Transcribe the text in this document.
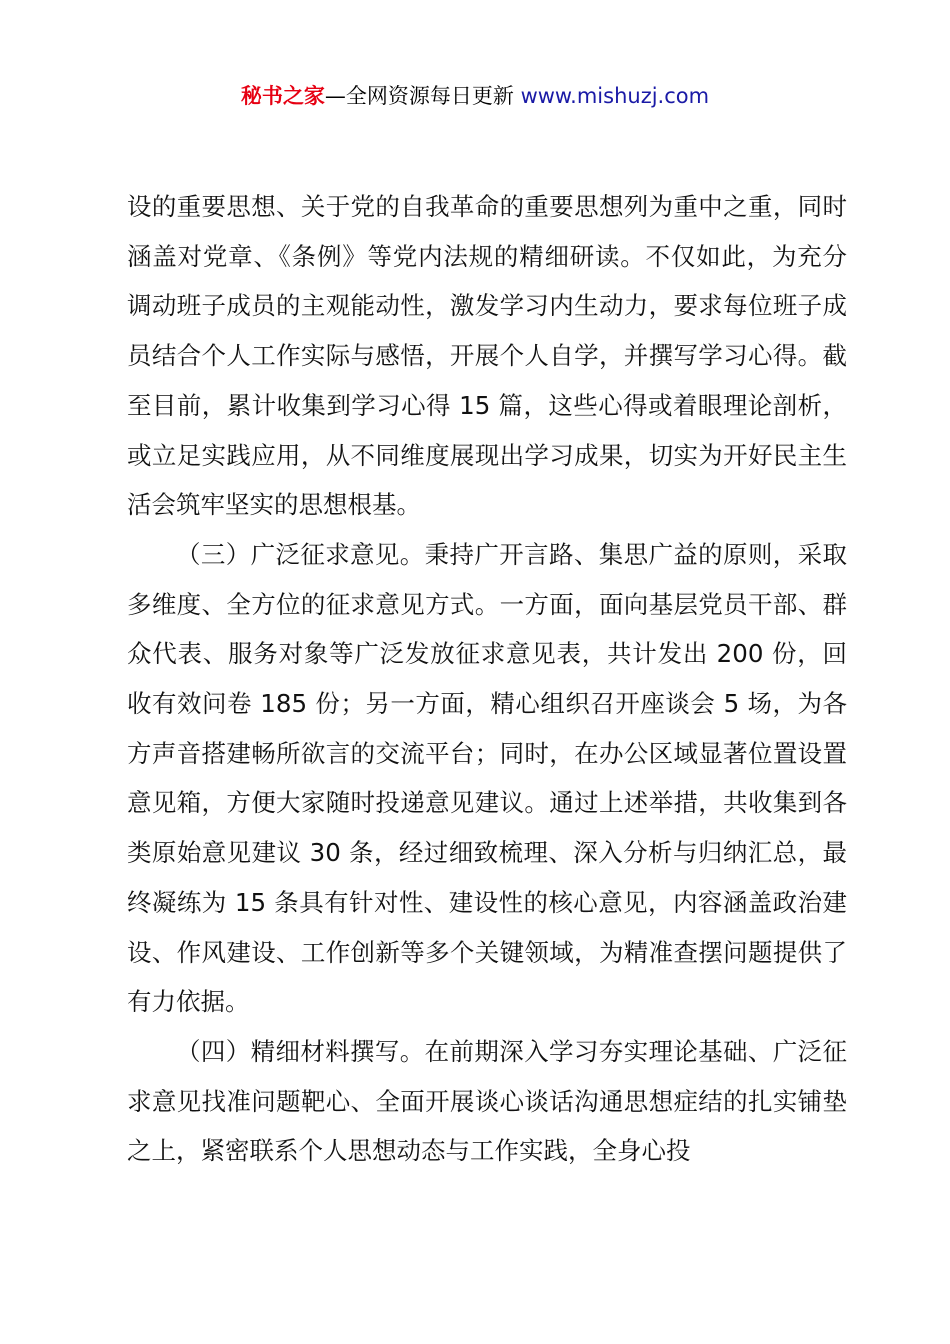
秘书之家—全网资源每日更新 www.mishuzj.com

设的重要思想、关于党的自我革命的重要思想列为重中之重，同时涵盖对党章、《条例》等党内法规的精细研读。不仅如此，为充分调动班子成员的主观能动性，激发学习内生动力，要求每位班子成员结合个人工作实际与感悟，开展个人自学，并撰写学习心得。截至目前，累计收集到学习心得 15 篇，这些心得或着眼理论剖析，或立足实践应用，从不同维度展现出学习成果，切实为开好民主生活会筑牢坚实的思想根基。

（三）广泛征求意见。秉持广开言路、集思广益的原则，采取多维度、全方位的征求意见方式。一方面，面向基层党员干部、群众代表、服务对象等广泛发放征求意见表，共计发出 200 份，回收有效问卷 185 份；另一方面，精心组织召开座谈会 5 场，为各方声音搭建畅所欲言的交流平台；同时，在办公区域显著位置设置意见箱，方便大家随时投递意见建议。通过上述举措，共收集到各类原始意见建议 30 条，经过细致梳理、深入分析与归纳汇总，最终凝练为 15 条具有针对性、建设性的核心意见，内容涵盖政治建设、作风建设、工作创新等多个关键领域，为精准查摆问题提供了有力依据。

（四）精细材料撰写。在前期深入学习夯实理论基础、广泛征求意见找准问题靶心、全面开展谈心谈话沟通思想症结的扎实铺垫之上，紧密联系个人思想动态与工作实践，全身心投
